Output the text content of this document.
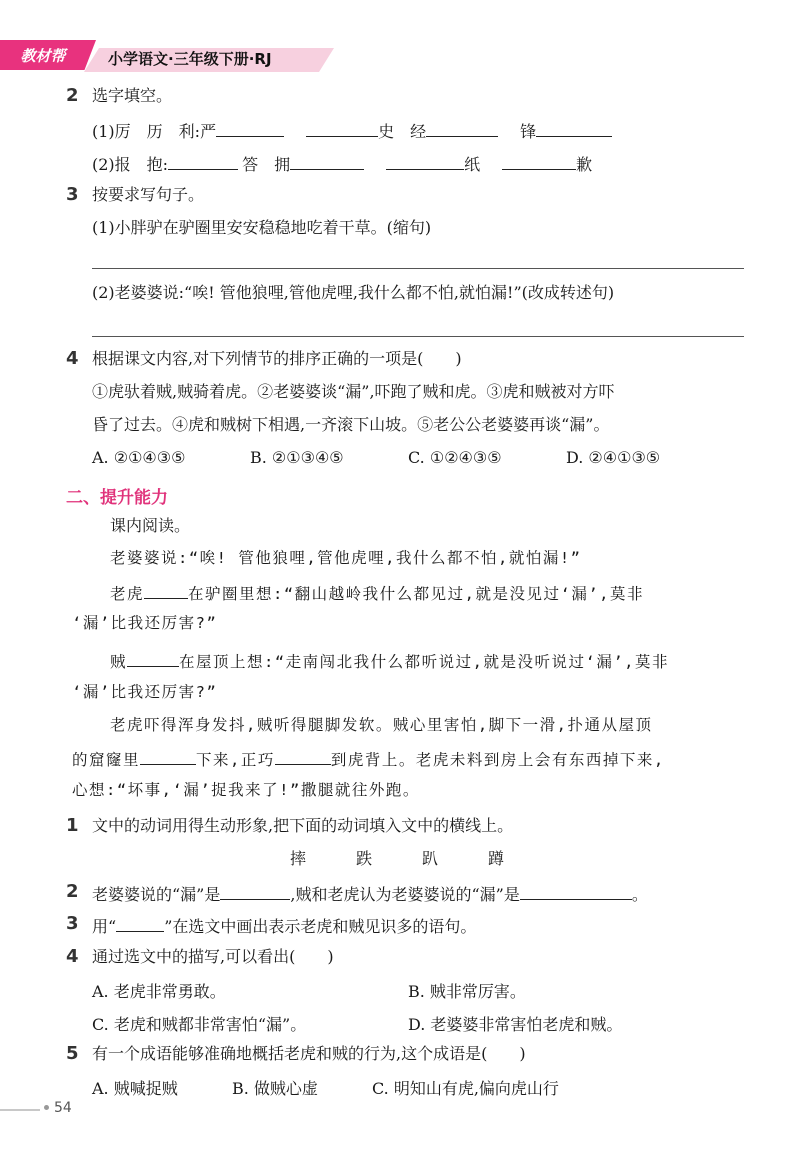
教材帮	小学语文·三年级下册·RJ
2 选字填空。
(1)厉　历　利:严	史　经	锋
(2)报　抱:	答　拥	纸	歉
3 按要求写句子。
(1)小胖驴在驴圈里安安稳稳地吃着干草。(缩句)
(2)老婆婆说:“唉! 管他狼哩,管他虎哩,我什么都不怕,就怕漏!”(改成转述句)
4 根据课文内容,对下列情节的排序正确的一项是(　　)
①虎驮着贼,贼骑着虎。②老婆婆谈“漏”,吓跑了贼和虎。③虎和贼被对方吓
昏了过去。④虎和贼树下相遇,一齐滚下山坡。⑤老公公老婆婆再谈“漏”。
A. ②①④③⑤	B. ②①③④⑤	C. ①②④③⑤	D. ②④①③⑤
二、提升能力
课内阅读。
老婆婆说:“唉! 管他狼哩,管他虎哩,我什么都不怕,就怕漏!”
老虎	在驴圈里想:“翻山越岭我什么都见过,就是没见过‘漏’,莫非
‘漏’比我还厉害?”
贼	在屋顶上想:“走南闯北我什么都听说过,就是没听说过‘漏’,莫非
‘漏’比我还厉害?”
老虎吓得浑身发抖,贼听得腿脚发软。贼心里害怕,脚下一滑,扑通从屋顶
的窟窿里	下来,正巧	到虎背上。老虎未料到房上会有东西掉下来,
心想:“坏事,‘漏’捉我来了!”撒腿就往外跑。
1 文中的动词用得生动形象,把下面的动词填入文中的横线上。
摔	跌	趴	蹲
2 老婆婆说的“漏”是	,贼和老虎认为老婆婆说的“漏”是	。
3 用“	”在选文中画出表示老虎和贼见识多的语句。
4 通过选文中的描写,可以看出(　　)
A. 老虎非常勇敢。	B. 贼非常厉害。
C. 老虎和贼都非常害怕“漏”。	D. 老婆婆非常害怕老虎和贼。
5 有一个成语能够准确地概括老虎和贼的行为,这个成语是(　　)
A. 贼喊捉贼	B. 做贼心虚	C. 明知山有虎,偏向虎山行
54
